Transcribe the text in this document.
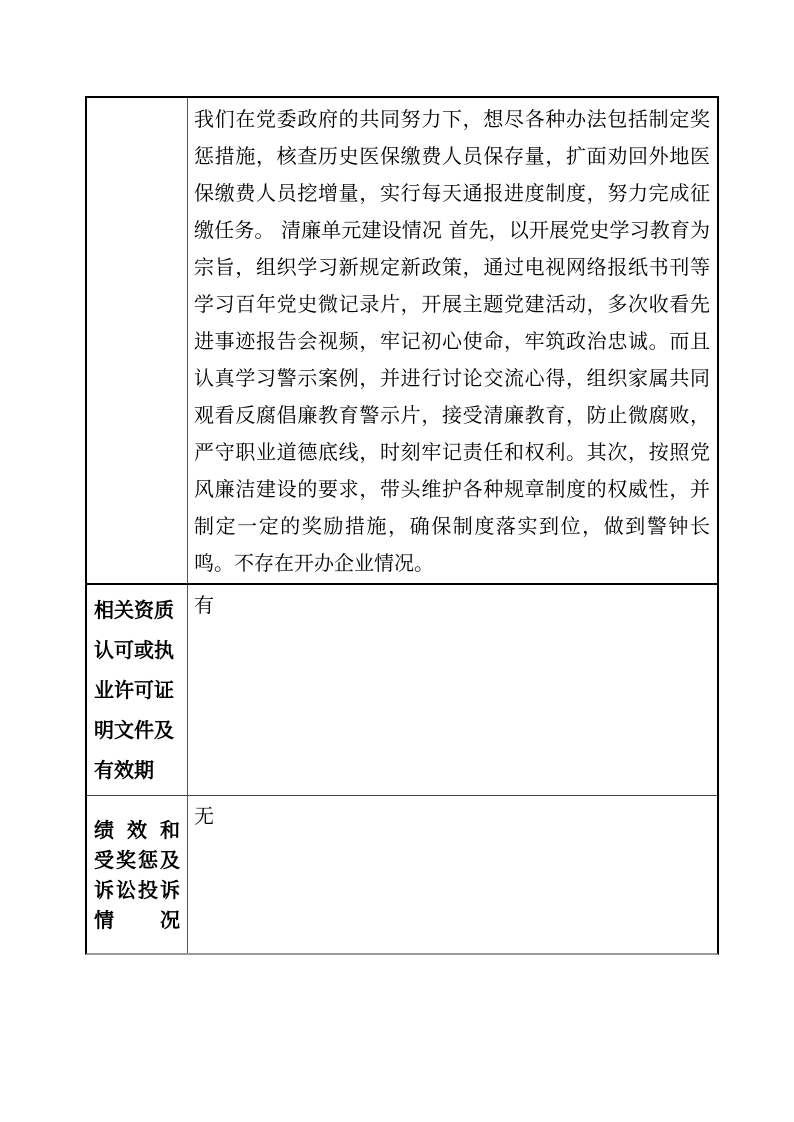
我们在党委政府的共同努力下，想尽各种办法包括制定奖惩措施，核查历史医保缴费人员保存量，扩面劝回外地医保缴费人员挖增量，实行每天通报进度制度，努力完成征缴任务。 清廉单元建设情况 首先，以开展党史学习教育为宗旨，组织学习新规定新政策，通过电视网络报纸书刊等学习百年党史微记录片，开展主题党建活动，多次收看先进事迹报告会视频，牢记初心使命，牢筑政治忠诚。而且认真学习警示案例，并进行讨论交流心得，组织家属共同观看反腐倡廉教育警示片，接受清廉教育，防止微腐败，严守职业道德底线，时刻牢记责任和权利。其次，按照党风廉洁建设的要求，带头维护各种规章制度的权威性，并制定一定的奖励措施，确保制度落实到位，做到警钟长鸣。不存在开办企业情况。

相关资质
认可或执
业许可证
明文件及
有效期
有
绩 效 和
受 奖 惩 及
诉 讼 投 诉
情 况
无
